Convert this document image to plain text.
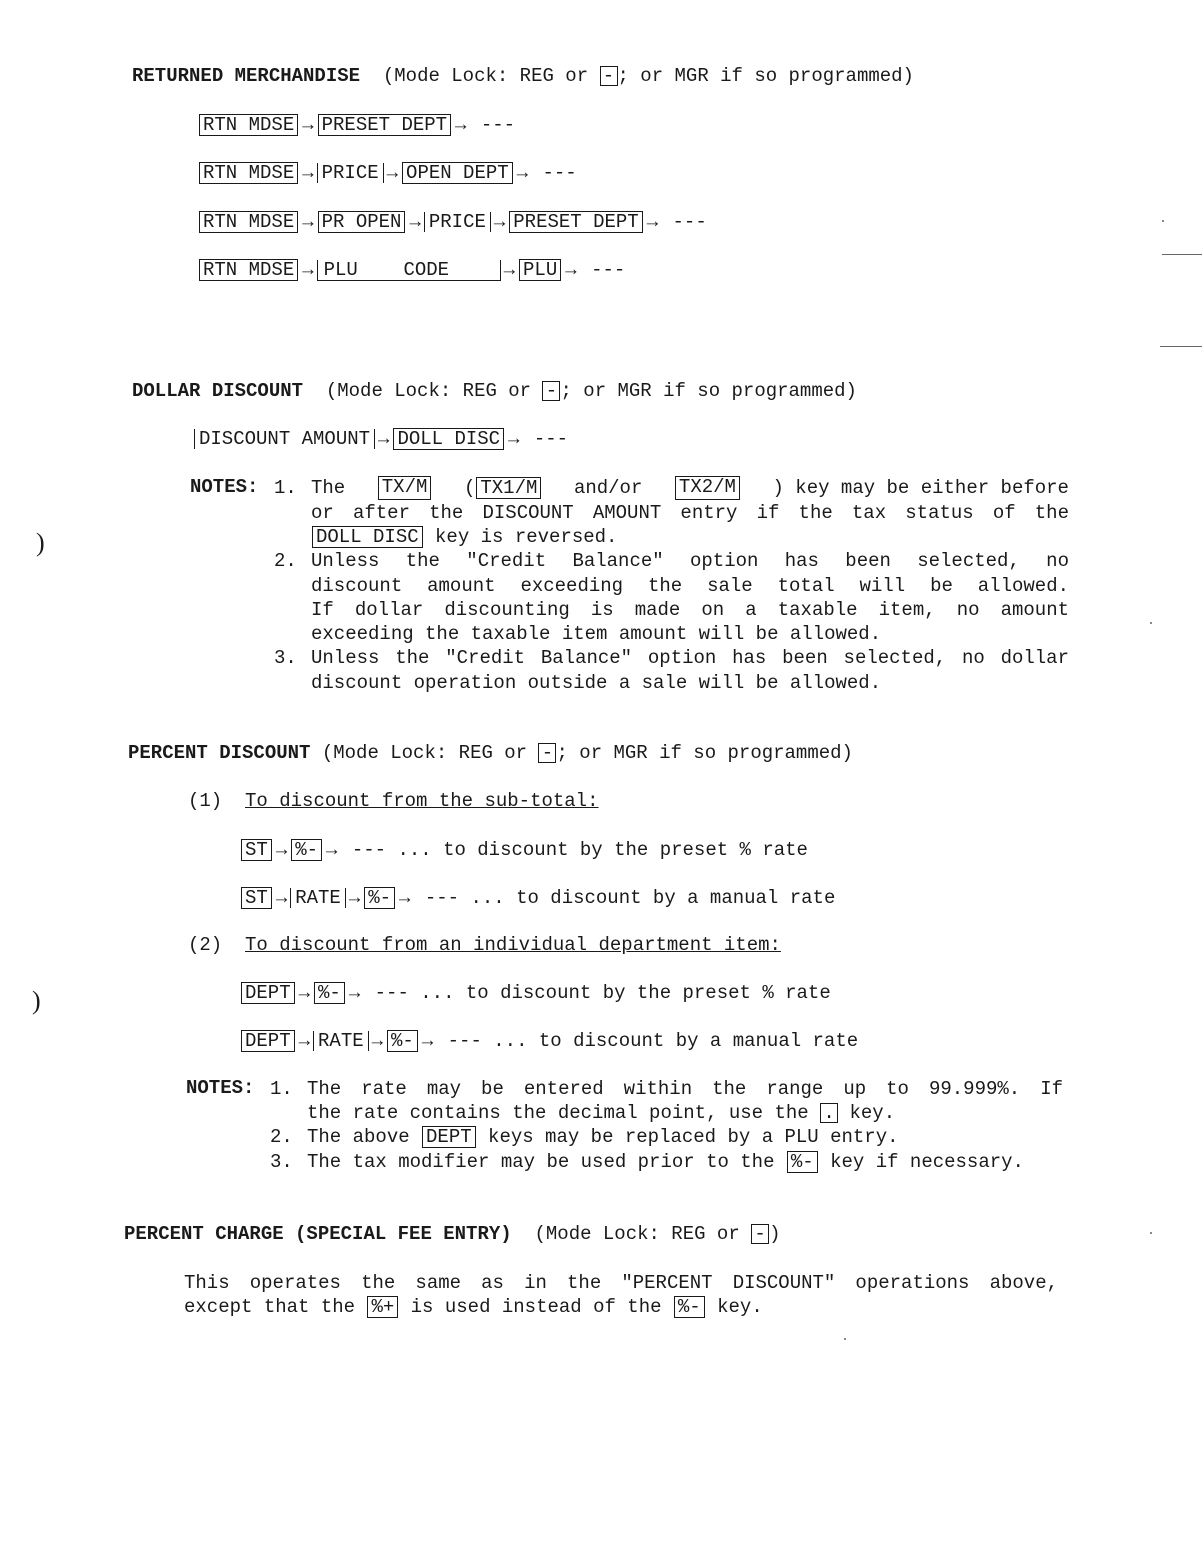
RETURNED MERCHANDISE (Mode Lock: REG or - ; or MGR if so programmed)
RTN MDSE → PRESET DEPT → ---
RTN MDSE → PRICE → OPEN DEPT → ---
RTN MDSE → PR OPEN → PRICE → PRESET DEPT → ---
RTN MDSE → PLU    CODE	→ PLU → ---
DOLLAR DISCOUNT (Mode Lock: REG or - ; or MGR if so programmed)
DISCOUNT AMOUNT → DOLL DISC → ---
NOTES: 1. The TX/M ( TX1/M and/or TX2/M ) key may be either before
or after the DISCOUNT AMOUNT entry if the tax status of the
DOLL DISC key is reversed.
2. Unless the "Credit Balance" option has been selected, no
discount amount exceeding the sale total will be allowed.
If dollar discounting is made on a taxable item, no amount
exceeding the taxable item amount will be allowed.
3. Unless the "Credit Balance" option has been selected, no dollar
discount operation outside a sale will be allowed.
PERCENT DISCOUNT (Mode Lock: REG or - ; or MGR if so programmed)
(1) To discount from the sub-total:
ST → %- → --- ... to discount by the preset % rate
ST → RATE → %- → --- ... to discount by a manual rate
(2) To discount from an individual department item:
DEPT → %- → --- ... to discount by the preset % rate
DEPT → RATE → %- → --- ... to discount by a manual rate
NOTES: 1. The rate may be entered within the range up to 99.999%. If
the rate contains the decimal point, use the . key.
2. The above DEPT keys may be replaced by a PLU entry.
3. The tax modifier may be used prior to the %- key if necessary.
PERCENT CHARGE (SPECIAL FEE ENTRY) (Mode Lock: REG or - )
This operates the same as in the "PERCENT DISCOUNT" operations above,
except that the %+ is used instead of the %- key.
)
)
